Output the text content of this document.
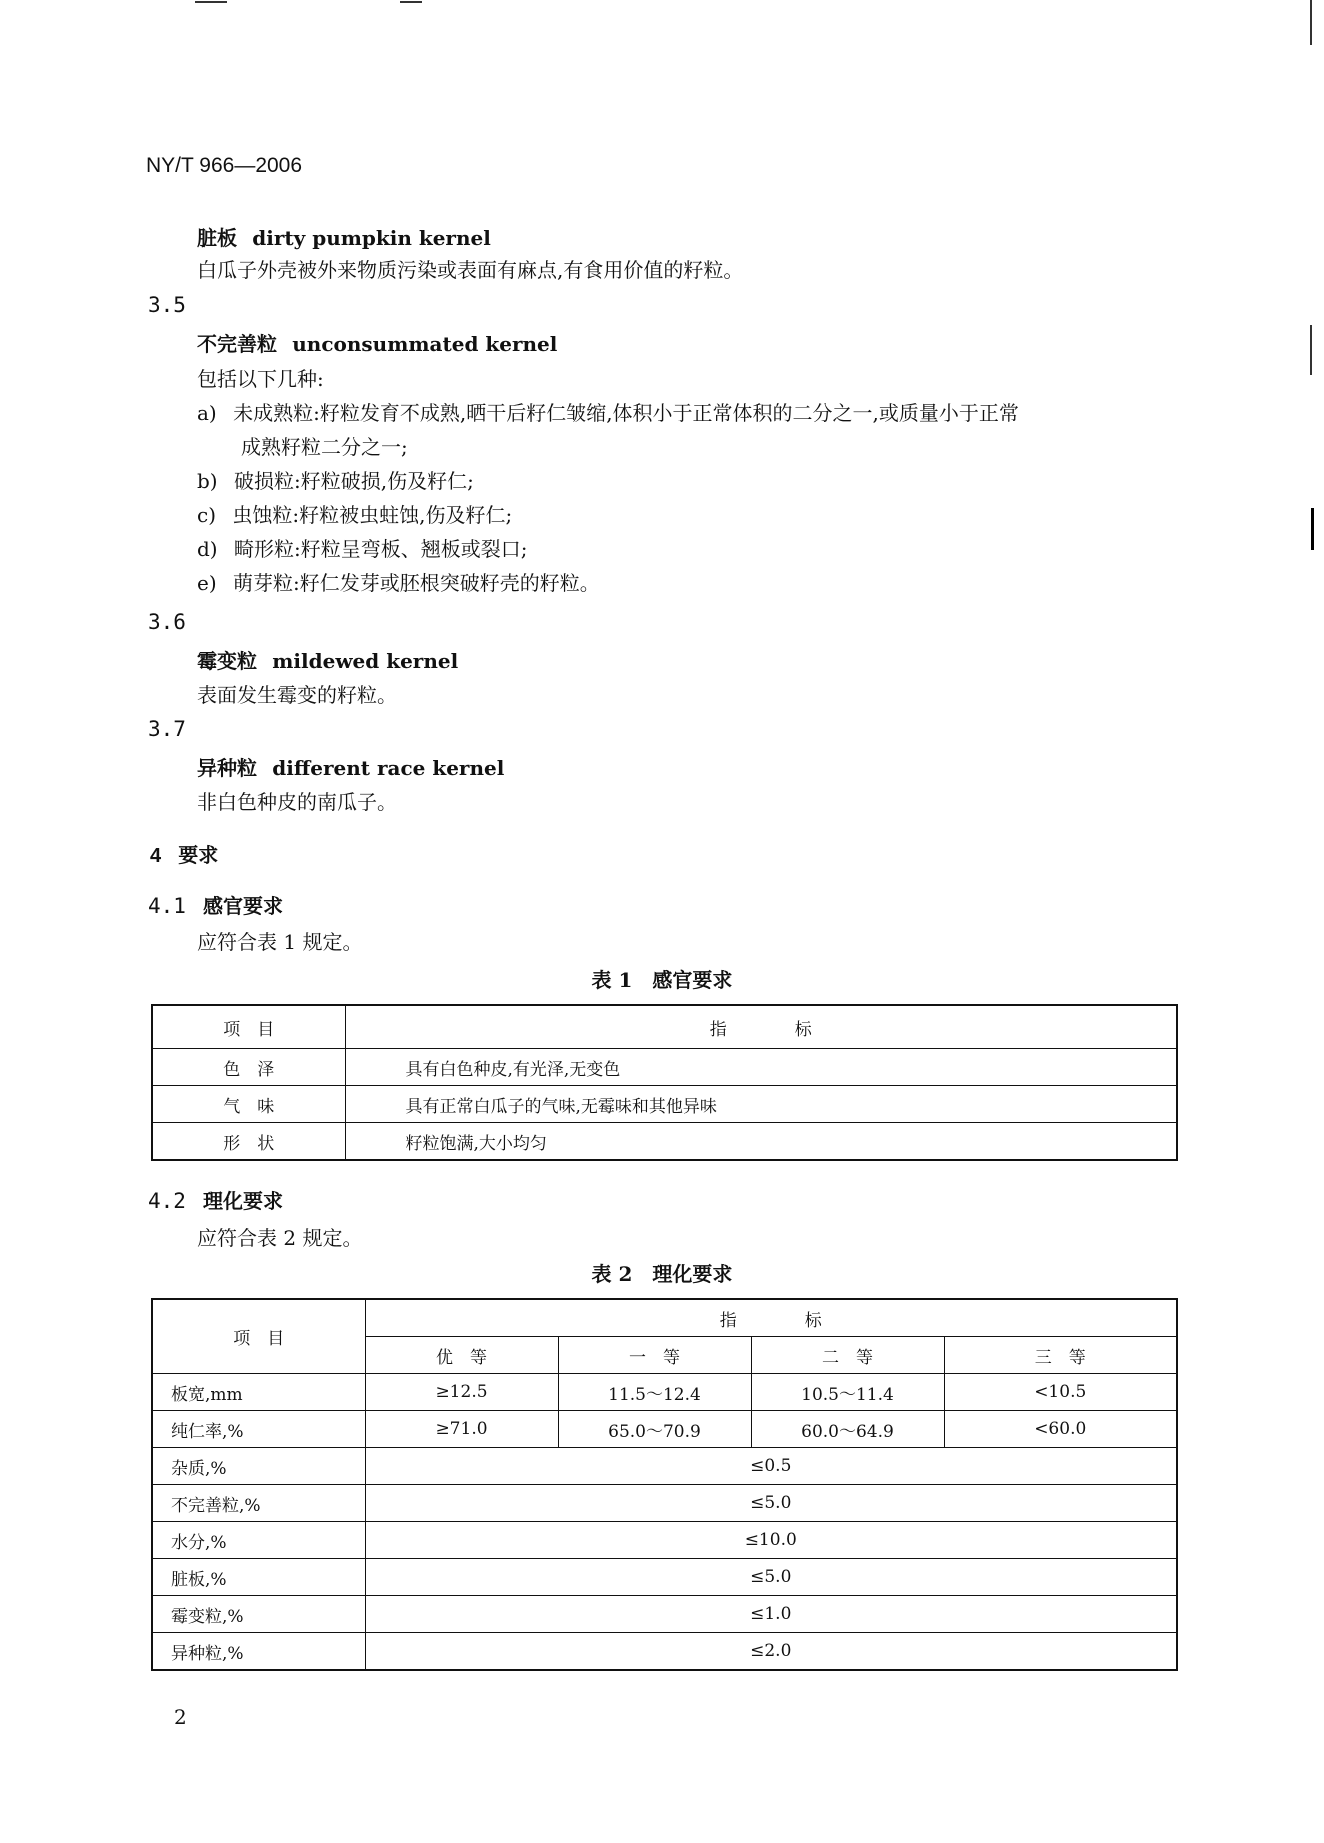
NY/T 966—2006
脏板 dirty pumpkin kernel
白瓜子外壳被外来物质污染或表面有麻点,有食用价值的籽粒。
3.5
不完善粒 unconsummated kernel
包括以下几种:
a) 未成熟粒:籽粒发育不成熟,晒干后籽仁皱缩,体积小于正常体积的二分之一,或质量小于正常
成熟籽粒二分之一;
b) 破损粒:籽粒破损,伤及籽仁;
c) 虫蚀粒:籽粒被虫蛀蚀,伤及籽仁;
d) 畸形粒:籽粒呈弯板、翘板或裂口;
e) 萌芽粒:籽仁发芽或胚根突破籽壳的籽粒。
3.6
霉变粒 mildewed kernel
表面发生霉变的籽粒。
3.7
异种粒 different race kernel
非白色种皮的南瓜子。
4 要求
4.1 感官要求
应符合表 1 规定。
表 1　感官要求
项　目	指　　　　标
色　泽	具有白色种皮,有光泽,无变色
气　味	具有正常白瓜子的气味,无霉味和其他异味
形　状	籽粒饱满,大小均匀
4.2 理化要求
应符合表 2 规定。
表 2　理化要求
项　目	指　　　　标			
	优　等	一　等	二　等	三　等
板宽,mm	≥12.5	11.5～12.4	10.5～11.4	<10.5
纯仁率,%	≥71.0	65.0～70.9	60.0～64.9	<60.0
杂质,%	≤0.5			
不完善粒,%	≤5.0			
水分,%	≤10.0			
脏板,%	≤5.0			
霉变粒,%	≤1.0			
异种粒,%	≤2.0			
2
